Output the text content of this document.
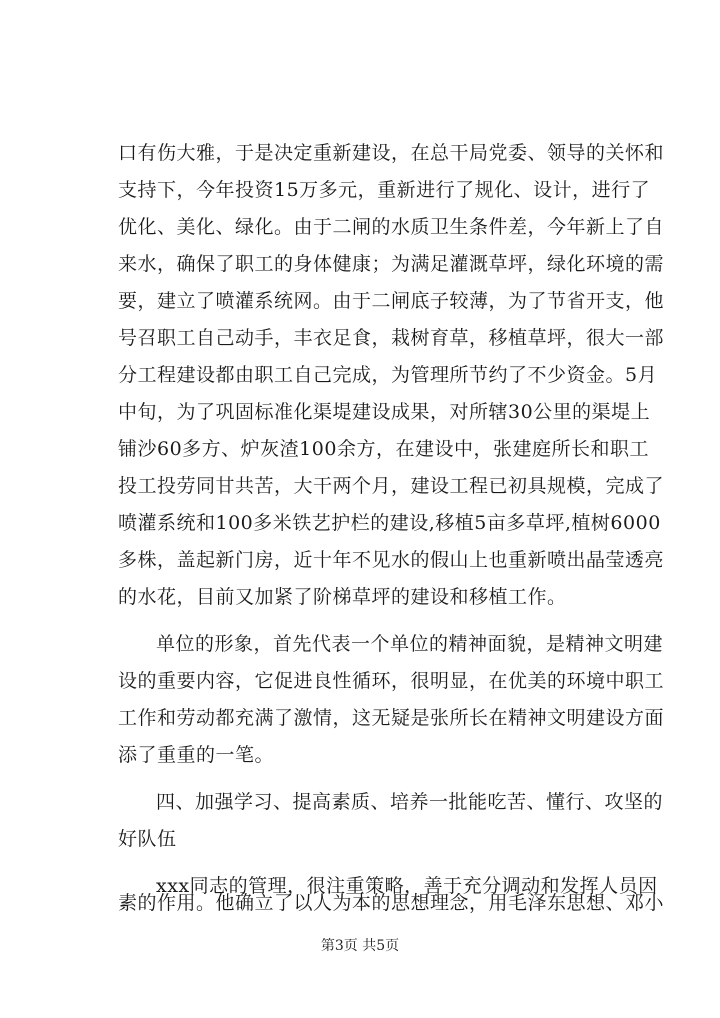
口有伤大雅，于是决定重新建设，在总干局党委、领导的关怀和
支持下，今年投资15万多元，重新进行了规化、设计，进行了
优化、美化、绿化。由于二闸的水质卫生条件差，今年新上了自
来水，确保了职工的身体健康；为满足灌溉草坪，绿化环境的需
要，建立了喷灌系统网。由于二闸底子较薄，为了节省开支，他
号召职工自己动手，丰衣足食，栽树育草，移植草坪，很大一部
分工程建设都由职工自己完成，为管理所节约了不少资金。5月
中旬，为了巩固标准化渠堤建设成果，对所辖30公里的渠堤上
铺沙60多方、炉灰渣100余方，在建设中，张建庭所长和职工
投工投劳同甘共苦，大干两个月，建设工程已初具规模，完成了
喷灌系统和100多米铁艺护栏的建设,移植5亩多草坪,植树6000
多株，盖起新门房，近十年不见水的假山上也重新喷出晶莹透亮
的水花，目前又加紧了阶梯草坪的建设和移植工作。
单位的形象，首先代表一个单位的精神面貌，是精神文明建
设的重要内容，它促进良性循环，很明显，在优美的环境中职工
工作和劳动都充满了激情，这无疑是张所长在精神文明建设方面
添了重重的一笔。
四、加强学习、提高素质、培养一批能吃苦、懂行、攻坚的
好队伍
xxx同志的管理，很注重策略，善于充分调动和发挥人员因
素的作用。他确立了以人为本的思想理念，用毛泽东思想、邓小
第3页 共5页
